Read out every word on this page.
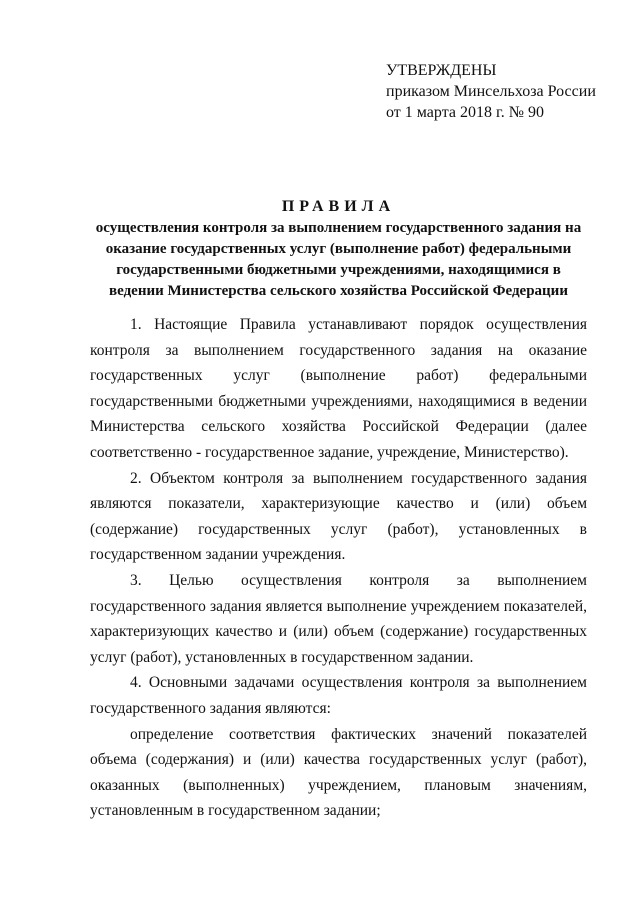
УТВЕРЖДЕНЫ
приказом Минсельхоза России
от 1 марта 2018 г. № 90
ПРАВИЛА
осуществления контроля за выполнением государственного задания на
оказание государственных услуг (выполнение работ) федеральными
государственными бюджетными учреждениями, находящимися в
ведении Министерства сельского хозяйства Российской Федерации

1. Настоящие Правила устанавливают порядок осуществления контроля за выполнением государственного задания на оказание государственных услуг (выполнение работ) федеральными государственными бюджетными учреждениями, находящимися в ведении Министерства сельского хозяйства Российской Федерации (далее соответственно - государственное задание, учреждение, Министерство).

2. Объектом контроля за выполнением государственного задания являются показатели, характеризующие качество и (или) объем (содержание) государственных услуг (работ), установленных в государственном задании учреждения.

3. Целью осуществления контроля за выполнением государственного задания является выполнение учреждением показателей, характеризующих качество и (или) объем (содержание) государственных услуг (работ), установленных в государственном задании.

4. Основными задачами осуществления контроля за выполнением государственного задания являются:

определение соответствия фактических значений показателей объема (содержания) и (или) качества государственных услуг (работ), оказанных (выполненных) учреждением, плановым значениям, установленным в государственном задании;
